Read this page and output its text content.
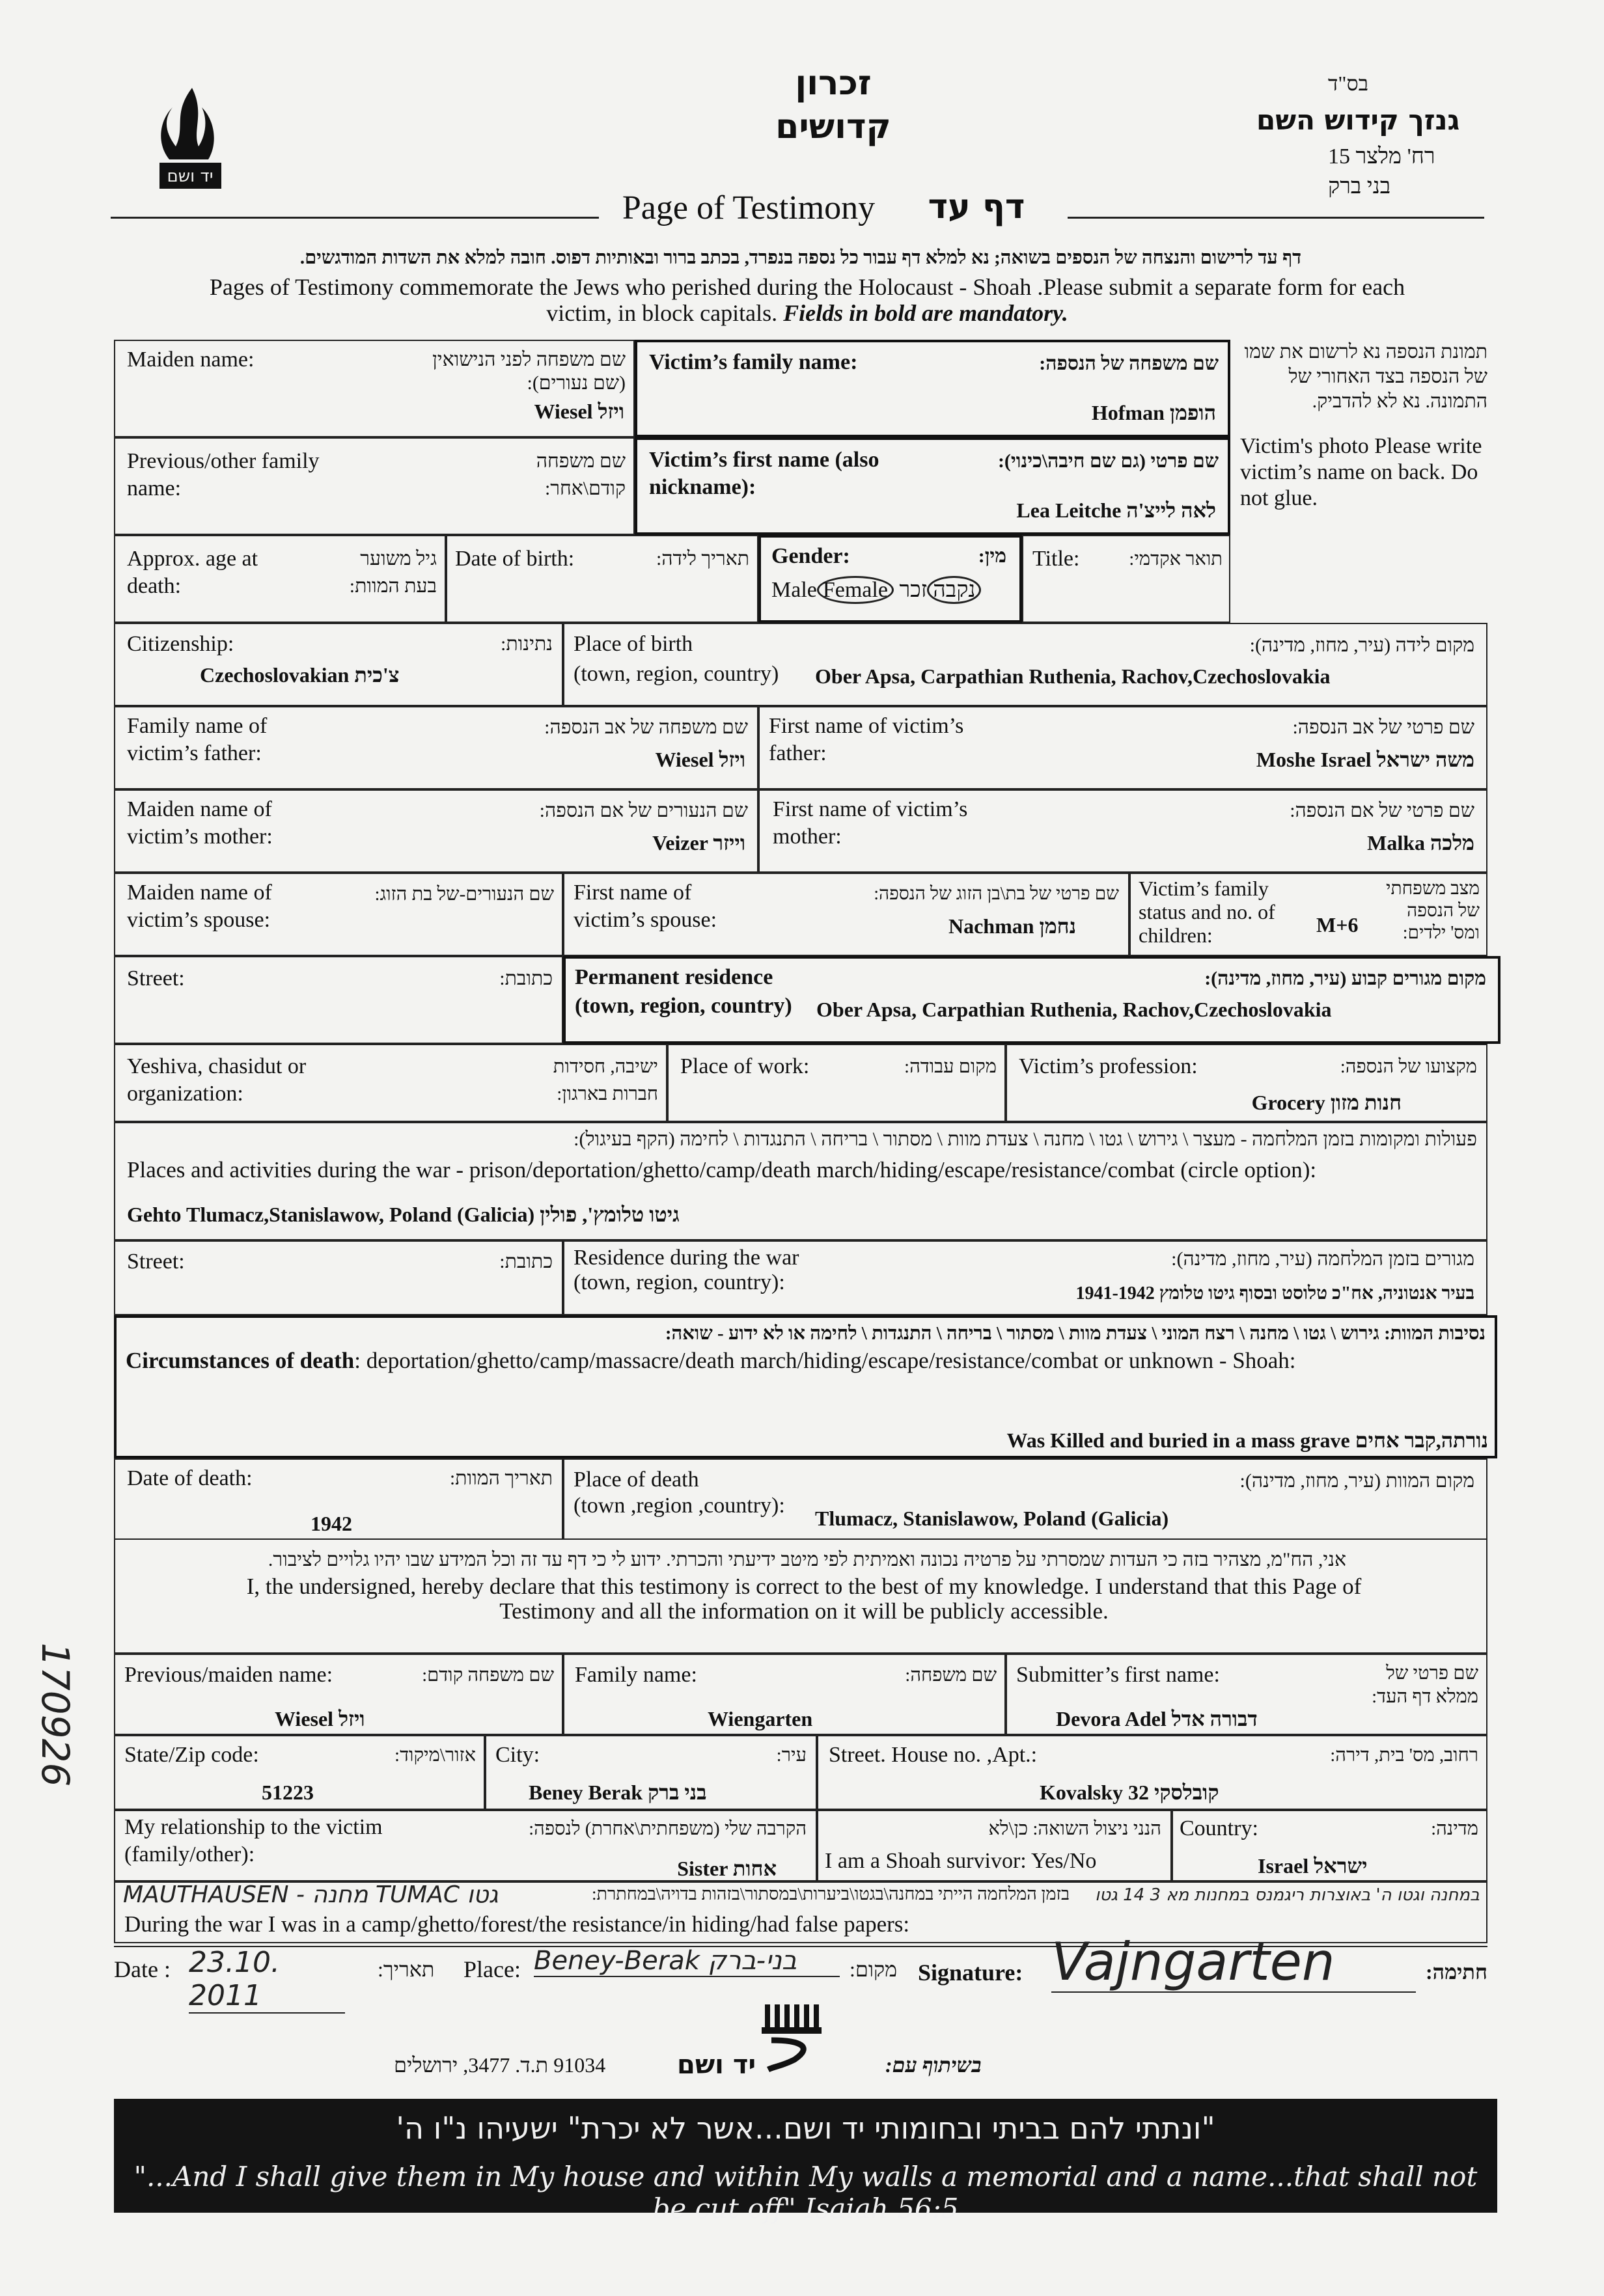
יד ושם
זכרון
קדושים
בס"ד
גנזך קידוש השם
רח' מלצר 15
בני ברק
Page of Testimony	דף עד
דף עד לרישום והנצחה של הנספים בשואה; נא למלא דף עבור כל נספה בנפרד, בכתב ברור ובאותיות דפוס. חובה למלא את השדות המודגשים.
Pages of Testimony commemorate the Jews who perished during the Holocaust - Shoah .Please submit a separate form for each
victim, in block capitals. Fields in bold are mandatory.
Maiden name:	שם משפחה לפני הנישואין
(שם נעורים):
Wiesel ויזל
Victim’s family name:	שם משפחה של הנספה:
Hofman הופמן
תמונת הנספה נא לרשום את שמו של הנספה בצד האחורי של התמונה. נא לא להדביק.
Victim's photo Please write victim’s name on back. Do not glue.
Previous/other family name:
שם משפחה קודם\אחר:
Victim’s first name (also nickname):
שם פרטי (גם שם חיבה\כינוי):
Lea Leitche לאה לייצ'ה
Approx. age at death:
גיל משוער בעת המוות:
Date of birth:	תאריך לידה: Gender:	מין:
Male Female נקבהזכר
Title:	תואר אקדמי:
Citizenship:	נתינות:
Czechoslovakian צ'כית
Place of birth
(town, region, country)
מקום לידה (עיר, מחוז, מדינה):
Ober Apsa, Carpathian Ruthenia, Rachov,Czechoslovakia
Family name of victim’s father:
שם משפחה של אב הנספה:
Wiesel ויזל
First name of victim’s father:
שם פרטי של אב הנספה:
Moshe Israel משה ישראל
Maiden name of victim’s mother:
שם הנעורים של אם הנספה:
Veizer וייזר
First name of victim’s mother:
שם פרטי של אם הנספה:
Malka מלכה
Maiden name of victim’s spouse:
שם הנעורים-של בת הזוג: First name of victim’s spouse:
שם פרטי של בת\בן הזוג של הנספה:
Nachman נחמן
Victim’s family status and no. of children:
מצב משפחתי של הנספה ומס' ילדים:
M+6
Street:	כתובת: Permanent residence
(town, region, country)
מקום מגורים קבוע (עיר, מחוז, מדינה):
Ober Apsa, Carpathian Ruthenia, Rachov,Czechoslovakia
Yeshiva, chasidut or organization:
ישיבה, חסידות חברות בארגון:
Place of work:	מקום עבודה: Victim’s profession:	מקצועו של הנספה:
Grocery חנות מזון
פעולות ומקומות בזמן המלחמה - מעצר \ גירוש \ גטו \ מחנה \ צעדת מוות \ מסתור \ בריחה \ התנגדות \ לחימה (הקף בעיגול):
Places and activities during the war - prison/deportation/ghetto/camp/death march/hiding/escape/resistance/combat (circle option):
Gehto Tlumacz,Stanislawow, Poland (Galicia) גיטו טלומץ', פולין
Street:	כתובת: Residence during the war
(town, region, country):
מגורים בזמן המלחמה (עיר, מחוז, מדינה):
בעיר אנטוניה, אח"כ טלוסט ובסוף גיטו טלומץ 1941-1942
נסיבות המוות: גירוש \ גטו \ מחנה \ רצח המוני \ צעדת מוות \ מסתור \ בריחה \ התנגדות \ לחימה או לא ידוע - שואה:
Circumstances of death: deportation/ghetto/camp/massacre/death march/hiding/escape/resistance/combat or unknown - Shoah:
Was Killed and buried in a mass grave נורתה,קבר אחים
Date of death:	תאריך המוות:
1942
Place of death
(town ,region ,country):
מקום המוות (עיר, מחוז, מדינה):
Tlumacz, Stanislawow, Poland (Galicia)
אני, הח"מ, מצהיר בזה כי העדות שמסרתי על פרטיה נכונה ואמיתית לפי מיטב ידיעתי והכרתי. ידוע לי כי דף עד זה וכל המידע שבו יהיו גלויים לציבור.
I, the undersigned, hereby declare that this testimony is correct to the best of my knowledge. I understand that this Page of
Testimony and all the information on it will be publicly accessible.
Previous/maiden name:	שם משפחה קודם:
Wiesel ויזל
Family name:	שם משפחה:
Wiengarten
Submitter’s first name:	שם פרטי של ממלא דף העד:
Devora Adel דבורה אדל
State/Zip code:	אזור\מיקוד:
51223
City:	עיר:
Beney Berak בני ברק
Street. House no. ,Apt.:	רחוב, מס' בית, דירה:
Kovalsky 32 קובלסקי
My relationship to the victim (family/other):
הקרבה שלי (משפחתית\אחרת) לנספה:
Sister אחות
הנני ניצול השואה: כן\לא
I am a Shoah survivor: Yes/No
Country:	מדינה:
Israel ישראל
MAUTHAUSEN - מחנה TUMAC גטו	בזמן המלחמה הייתי במחנה\בגטו\ביערות\במסתור\בזהות בדויה\במחתרת: במחנה וגטו ה' באוצרות ריגמנס במחנות מא 3 14 גטו
During the war I was in a camp/ghetto/forest/the resistance/in hiding/had false papers:
Date : 23.10. 2011
תאריך: Place: Beney-Berak בני-ברק	מקום: Signature: Vajngarten	חתימה:
91034 ת.ד. 3477, ירושלים	יד ושם	בשיתוף עם:
"ונתתי להם בביתי ובחומותי יד ושם...אשר לא יכרת" ישעיהו נ"ו ה'
"...And I shall give them in My house and within My walls a memorial and a name...that shall not be cut off" Isaiah 56:5
170926
